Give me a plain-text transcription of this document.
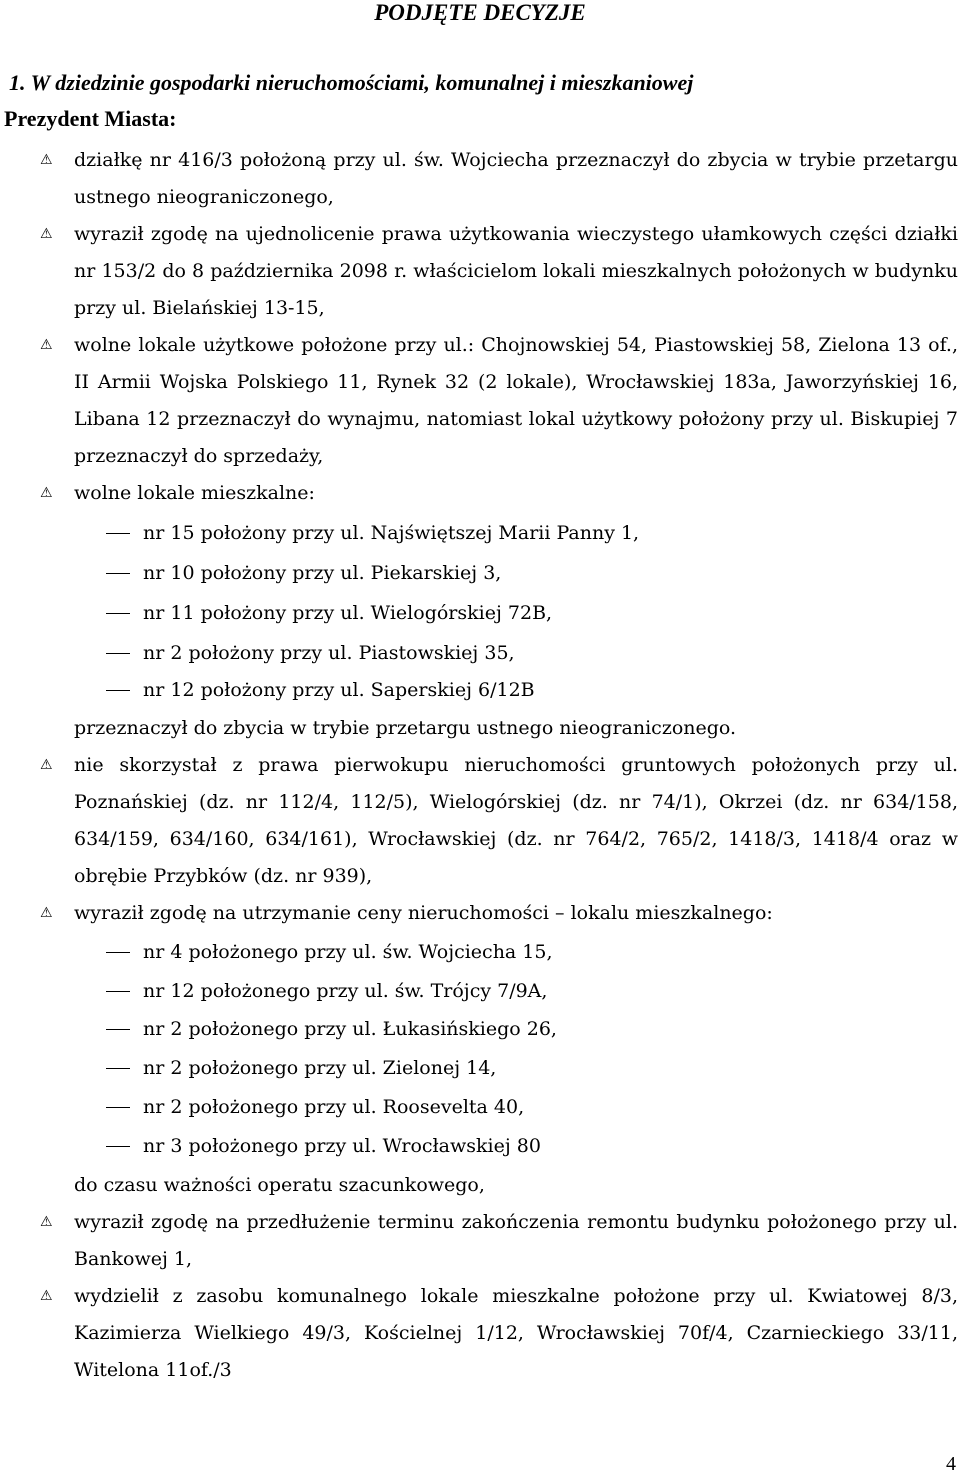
PODJĘTE DECYZJE
1. W dziedzinie gospodarki nieruchomościami, komunalnej i mieszkaniowej
Prezydent Miasta:
⚠ działkę nr 416/3 położoną przy ul. św. Wojciecha przeznaczył do zbycia w trybie przetargu ustnego nieograniczonego,
⚠ wyraził zgodę na ujednolicenie prawa użytkowania wieczystego ułamkowych części działki nr 153/2 do 8 października 2098 r. właścicielom lokali mieszkalnych położonych w budynku przy ul. Bielańskiej 13-15,
⚠ wolne lokale użytkowe położone przy ul.: Chojnowskiej 54, Piastowskiej 58, Zielona 13 of., II Armii Wojska Polskiego 11, Rynek 32 (2 lokale), Wrocławskiej 183a, Jaworzyńskiej 16, Libana 12 przeznaczył do wynajmu, natomiast lokal użytkowy położony przy ul. Biskupiej 7 przeznaczył do sprzedaży,
⚠ wolne lokale mieszkalne:
nr 15 położony przy ul. Najświętszej Marii Panny 1,
nr 10 położony przy ul. Piekarskiej 3,
nr 11 położony przy ul. Wielogórskiej 72B,
nr 2 położony przy ul. Piastowskiej 35,
nr 12 położony przy ul. Saperskiej 6/12B
przeznaczył do zbycia w trybie przetargu ustnego nieograniczonego.
⚠ nie skorzystał z prawa pierwokupu nieruchomości gruntowych położonych przy ul. Poznańskiej (dz. nr 112/4, 112/5), Wielogórskiej (dz. nr 74/1), Okrzei (dz. nr 634/158, 634/159, 634/160, 634/161), Wrocławskiej (dz. nr 764/2, 765/2, 1418/3, 1418/4 oraz w obrębie Przybków (dz. nr 939),
⚠ wyraził zgodę na utrzymanie ceny nieruchomości – lokalu mieszkalnego:
nr 4 położonego przy ul. św. Wojciecha 15,
nr 12 położonego przy ul. św. Trójcy 7/9A,
nr 2 położonego przy ul. Łukasińskiego 26,
nr 2 położonego przy ul. Zielonej 14,
nr 2 położonego przy ul. Roosevelta 40,
nr 3 położonego przy ul. Wrocławskiej 80
do czasu ważności operatu szacunkowego,
⚠ wyraził zgodę na przedłużenie terminu zakończenia remontu budynku położonego przy ul. Bankowej 1,
⚠ wydzielił z zasobu komunalnego lokale mieszkalne położone przy ul. Kwiatowej 8/3, Kazimierza Wielkiego 49/3, Kościelnej 1/12, Wrocławskiej 70f/4, Czarnieckiego 33/11, Witelona 11of./3
4
